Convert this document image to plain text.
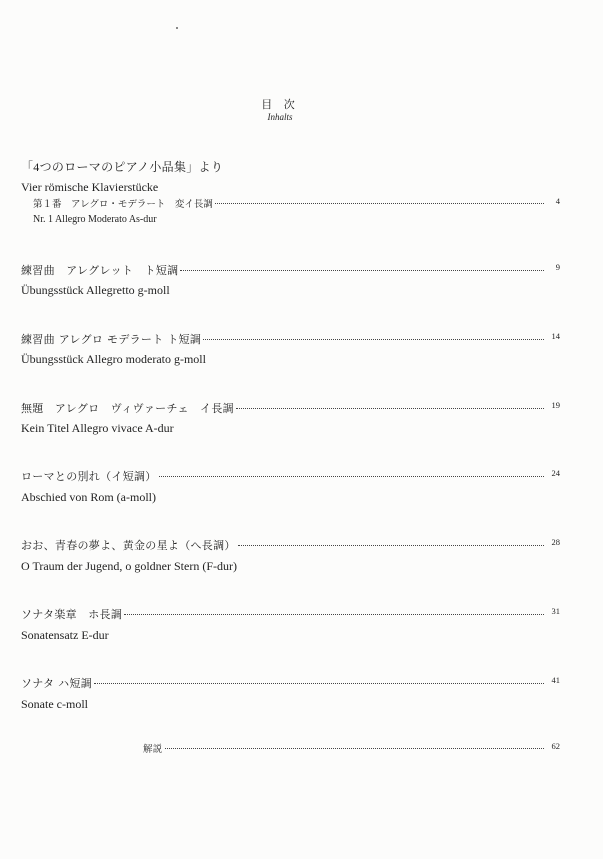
目 次
Inhalts
「4つのローマのピアノ小品集」より
Vier römische Klavierstücke
第１番　アレグロ・モデラート　変イ長調	4
Nr. 1 Allegro Moderato As-dur
練習曲　アレグレット　ト短調	9
Übungsstück Allegretto g-moll
練習曲 アレグロ モデラート ト短調	14
Übungsstück Allegro moderato g-moll
無題　アレグロ　ヴィヴァーチェ　イ長調	19
Kein Titel Allegro vivace A-dur
ローマとの別れ（イ短調）	24
Abschied von Rom (a-moll)
おお、青春の夢よ、黄金の星よ（へ長調）	28
O Traum der Jugend, o goldner Stern (F-dur)
ソナタ楽章　ホ長調	31
Sonatensatz E-dur
ソナタ ハ短調	41
Sonate c-moll
解説	62
